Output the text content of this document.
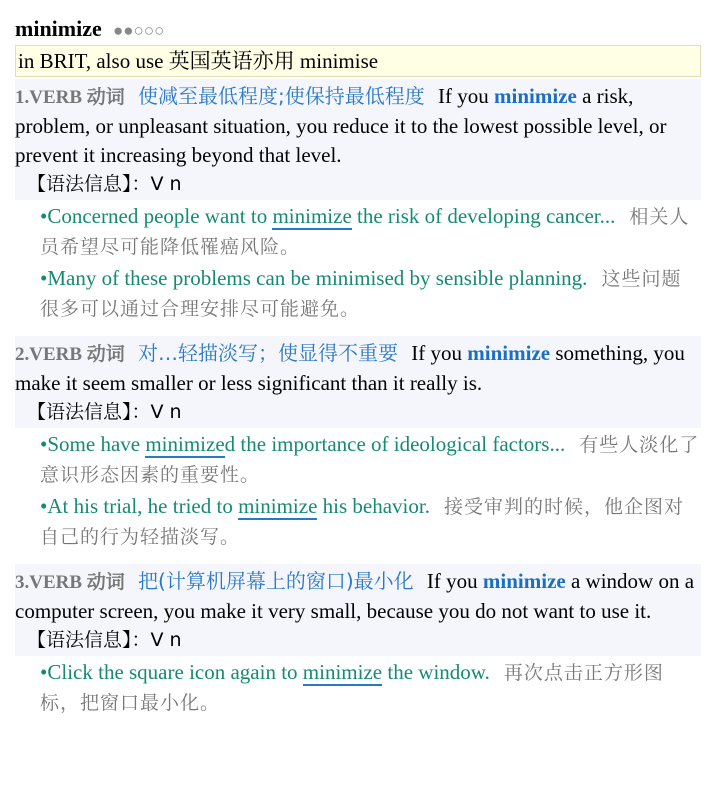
minimize ●●○○○
in BRIT, also use 英国英语亦用 minimise
1.VERB 动词 使减至最低程度;使保持最低程度 If you minimize a risk, problem, or unpleasant situation, you reduce it to the lowest possible level, or prevent it increasing beyond that level.
【语法信息】：V n
•Concerned people want to minimize the risk of developing cancer... 相关人员希望尽可能降低罹癌风险。
•Many of these problems can be minimised by sensible planning. 这些问题很多可以通过合理安排尽可能避免。
2.VERB 动词 对…轻描淡写；使显得不重要 If you minimize something, you make it seem smaller or less significant than it really is.
【语法信息】：V n
•Some have minimized the importance of ideological factors... 有些人淡化了意识形态因素的重要性。
•At his trial, he tried to minimize his behavior. 接受审判的时候，他企图对自己的行为轻描淡写。
3.VERB 动词 把(计算机屏幕上的窗口)最小化 If you minimize a window on a computer screen, you make it very small, because you do not want to use it.
【语法信息】：V n
•Click the square icon again to minimize the window. 再次点击正方形图标，把窗口最小化。
